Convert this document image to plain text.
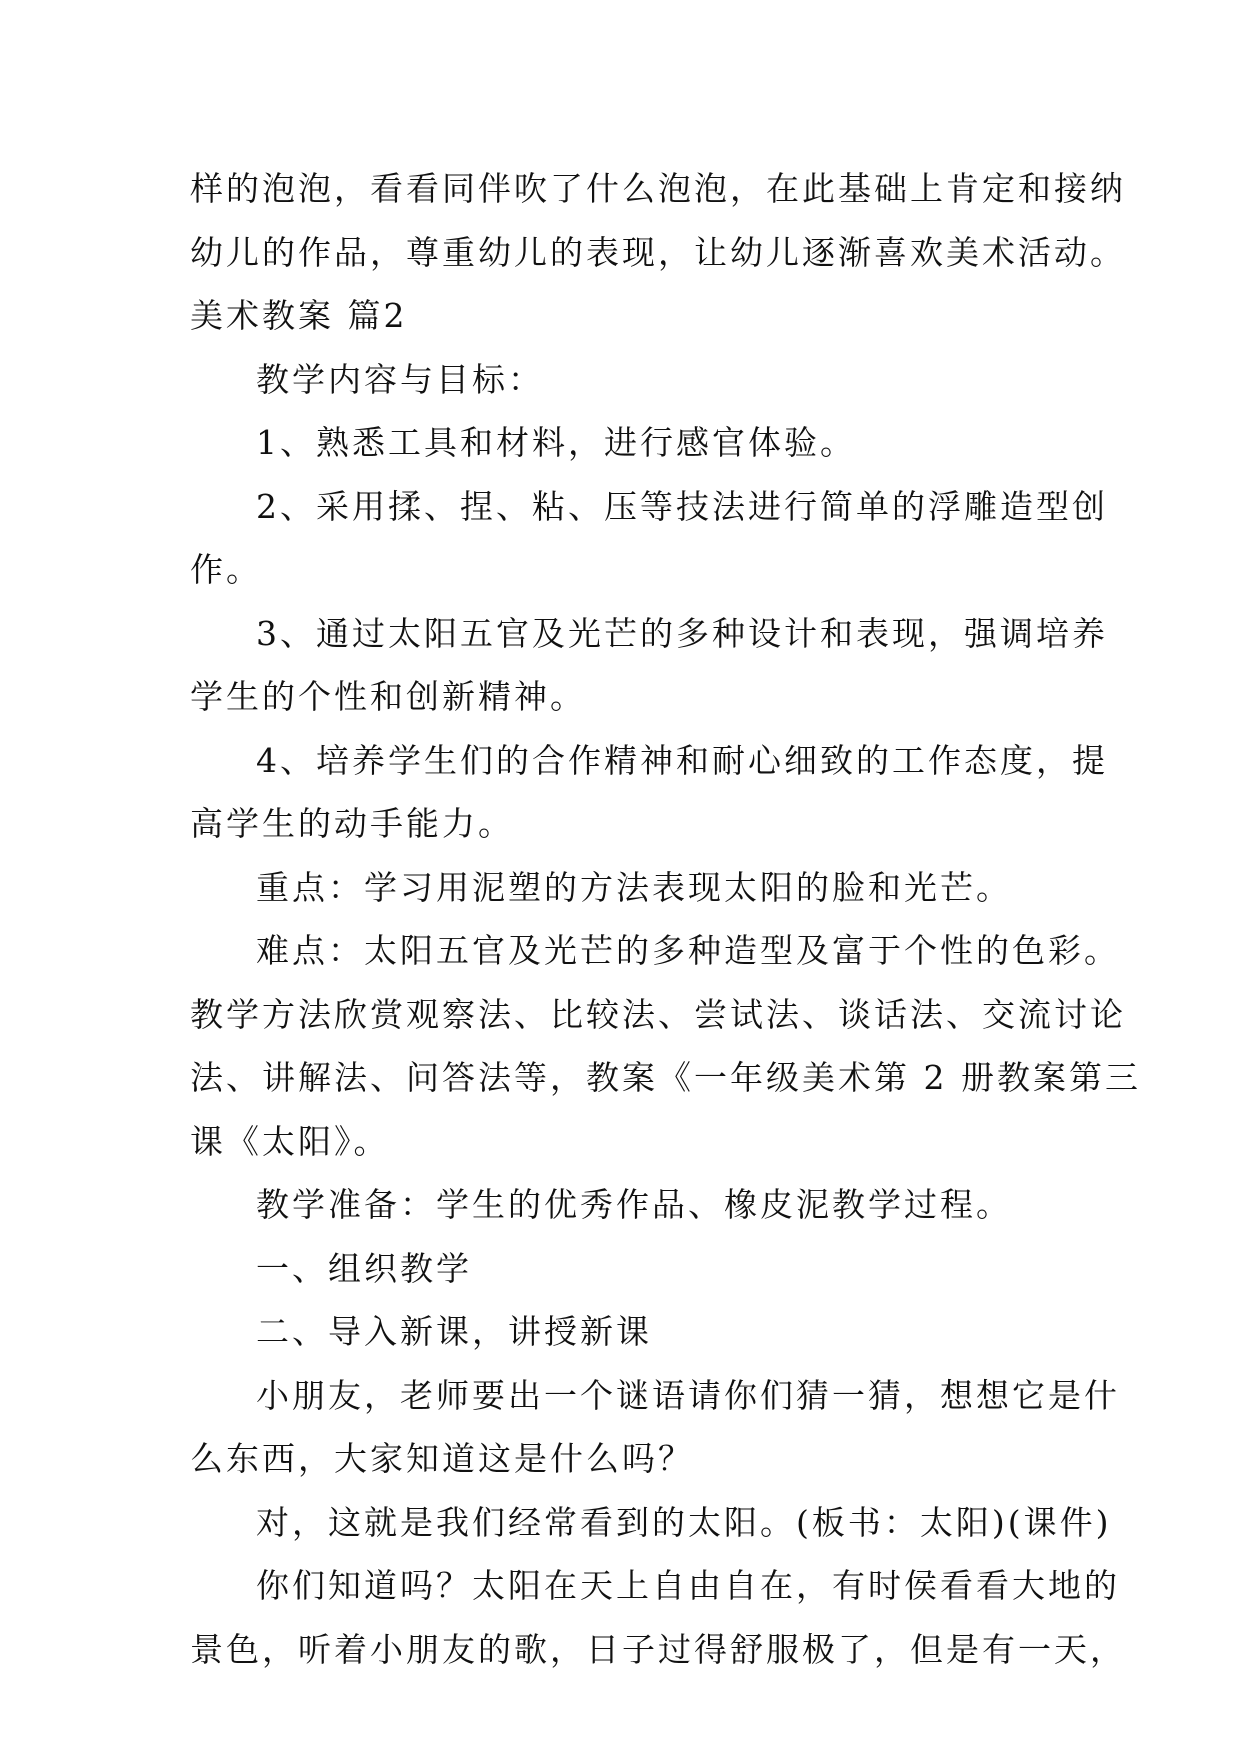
样的泡泡，看看同伴吹了什么泡泡，在此基础上肯定和接纳
幼儿的作品，尊重幼儿的表现，让幼儿逐渐喜欢美术活动。
美术教案 篇2
教学内容与目标：
1、熟悉工具和材料，进行感官体验。
2、采用揉、捏、粘、压等技法进行简单的浮雕造型创
作。
3、通过太阳五官及光芒的多种设计和表现，强调培养
学生的个性和创新精神。
4、培养学生们的合作精神和耐心细致的工作态度，提
高学生的动手能力。
重点：学习用泥塑的方法表现太阳的脸和光芒。
难点：太阳五官及光芒的多种造型及富于个性的色彩。
教学方法欣赏观察法、比较法、尝试法、谈话法、交流讨论
法、讲解法、问答法等，教案《一年级美术第 2 册教案第三
课《太阳》。
教学准备：学生的优秀作品、橡皮泥教学过程。
一、组织教学
二、导入新课，讲授新课
小朋友，老师要出一个谜语请你们猜一猜，想想它是什
么东西，大家知道这是什么吗？
对，这就是我们经常看到的太阳。(板书：太阳)(课件)
你们知道吗？太阳在天上自由自在，有时侯看看大地的
景色，听着小朋友的歌，日子过得舒服极了，但是有一天，
